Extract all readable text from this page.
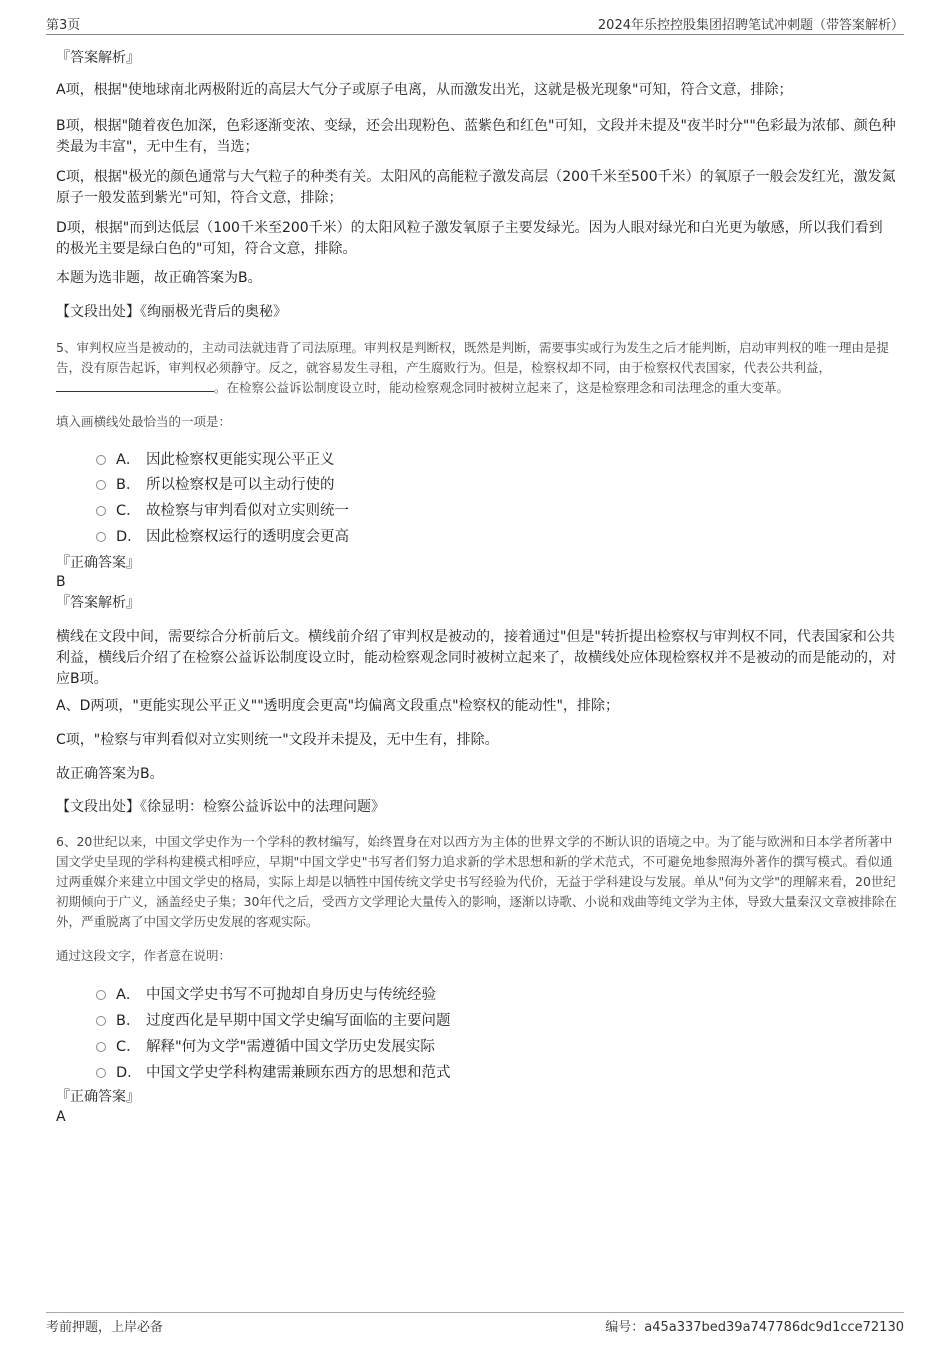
第3页	2024年乐控控股集团招聘笔试冲刺题（带答案解析）
『答案解析』
A项，根据"使地球南北两极附近的高层大气分子或原子电离，从而激发出光，这就是极光现象"可知，符合文意，排除；
B项，根据"随着夜色加深，色彩逐渐变浓、变绿，还会出现粉色、蓝紫色和红色"可知，文段并未提及"夜半时分""色彩最为浓郁、颜色种类最为丰富"，无中生有，当选；
C项，根据"极光的颜色通常与大气粒子的种类有关。太阳风的高能粒子激发高层（200千米至500千米）的氧原子一般会发红光，激发氮原子一般发蓝到紫光"可知，符合文意，排除；
D项，根据"而到达低层（100千米至200千米）的太阳风粒子激发氧原子主要发绿光。因为人眼对绿光和白光更为敏感，所以我们看到的极光主要是绿白色的"可知，符合文意，排除。
本题为选非题，故正确答案为B。
【文段出处】《绚丽极光背后的奥秘》
5、审判权应当是被动的，主动司法就违背了司法原理。审判权是判断权，既然是判断，需要事实或行为发生之后才能判断，启动审判权的唯一理由是提告，没有原告起诉，审判权必须静守。反之，就容易发生寻租，产生腐败行为。但是，检察权却不同，由于检察权代表国家，代表公共利益，。在检察公益诉讼制度设立时，能动检察观念同时被树立起来了，这是检察理念和司法理念的重大变革。
填入画横线处最恰当的一项是：
A． 因此检察权更能实现公平正义
B． 所以检察权是可以主动行使的
C． 故检察与审判看似对立实则统一
D． 因此检察权运行的透明度会更高
『正确答案』
B
『答案解析』
横线在文段中间，需要综合分析前后文。横线前介绍了审判权是被动的，接着通过"但是"转折提出检察权与审判权不同，代表国家和公共利益，横线后介绍了在检察公益诉讼制度设立时，能动检察观念同时被树立起来了，故横线处应体现检察权并不是被动的而是能动的，对应B项。
A、D两项，"更能实现公平正义""透明度会更高"均偏离文段重点"检察权的能动性"，排除；
C项，"检察与审判看似对立实则统一"文段并未提及，无中生有，排除。
故正确答案为B。
【文段出处】《徐显明：检察公益诉讼中的法理问题》
6、20世纪以来，中国文学史作为一个学科的教材编写，始终置身在对以西方为主体的世界文学的不断认识的语境之中。为了能与欧洲和日本学者所著中国文学史呈现的学科构建模式相呼应，早期"中国文学史"书写者们努力追求新的学术思想和新的学术范式，不可避免地参照海外著作的撰写模式。看似通过两重媒介来建立中国文学史的格局，实际上却是以牺牲中国传统文学史书写经验为代价，无益于学科建设与发展。单从"何为文学"的理解来看，20世纪初期倾向于广义，涵盖经史子集；30年代之后，受西方文学理论大量传入的影响，逐渐以诗歌、小说和戏曲等纯文学为主体，导致大量秦汉文章被排除在外，严重脱离了中国文学历史发展的客观实际。
通过这段文字，作者意在说明：
A． 中国文学史书写不可抛却自身历史与传统经验
B． 过度西化是早期中国文学史编写面临的主要问题
C． 解释"何为文学"需遵循中国文学历史发展实际
D． 中国文学史学科构建需兼顾东西方的思想和范式
『正确答案』
A
考前押题，上岸必备	编号：a45a337bed39a747786dc9d1cce72130
